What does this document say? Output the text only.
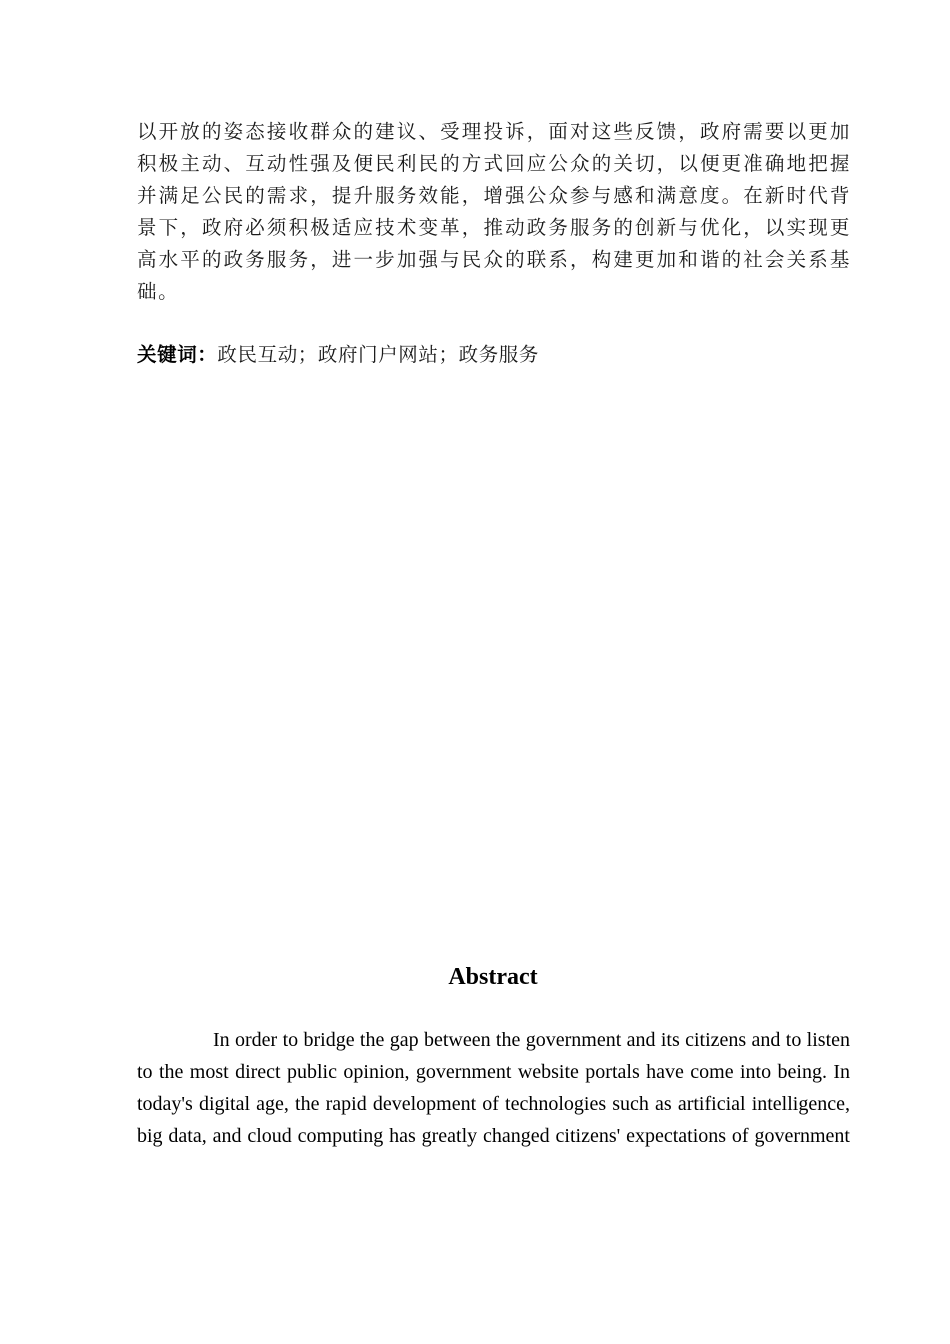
以开放的姿态接收群众的建议、受理投诉，面对这些反馈，政府需要以更加积极主动、互动性强及便民利民的方式回应公众的关切，以便更准确地把握并满足公民的需求，提升服务效能，增强公众参与感和满意度。在新时代背景下，政府必须积极适应技术变革，推动政务服务的创新与优化，以实现更高水平的政务服务，进一步加强与民众的联系，构建更加和谐的社会关系基础。

关键词：政民互动；政府门户网站；政务服务

Abstract

In order to bridge the gap between the government and its citizens and to listen to the most direct public opinion, government website portals have come into being. In today's digital age, the rapid development of technologies such as artificial intelligence, big data, and cloud computing has greatly changed citizens' expectations of government
